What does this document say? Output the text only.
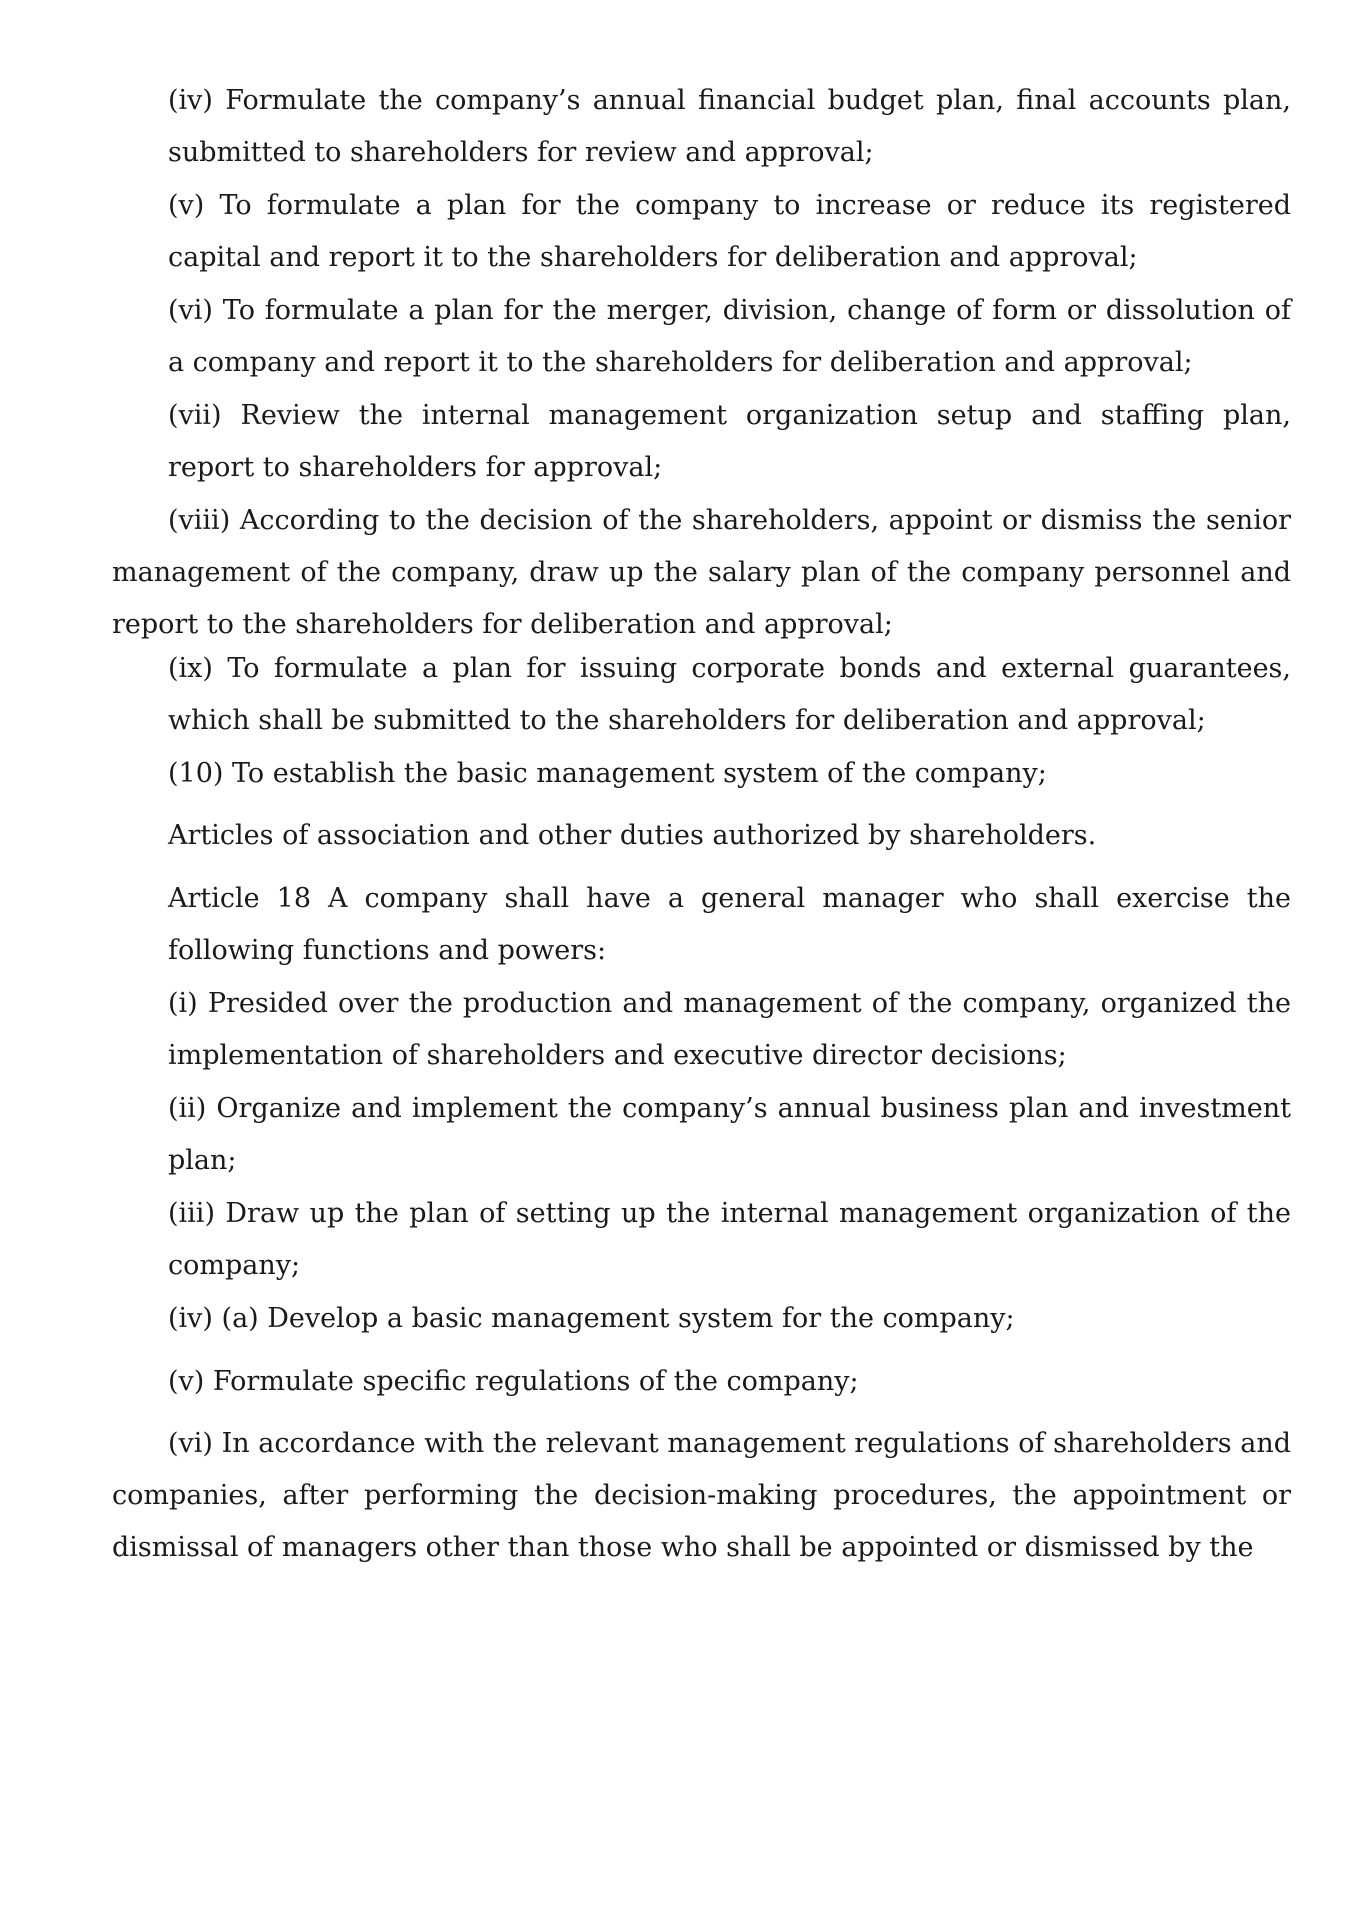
(iv) Formulate the company’s annual financial budget plan, final accounts plan, submitted to shareholders for review and approval;

(v) To formulate a plan for the company to increase or reduce its registered capital and report it to the shareholders for deliberation and approval;

(vi) To formulate a plan for the merger, division, change of form or dissolution of a company and report it to the shareholders for deliberation and approval;

(vii) Review the internal management organization setup and staffing plan, report to shareholders for approval;

(viii) According to the decision of the shareholders, appoint or dismiss the senior management of the company, draw up the salary plan of the company personnel and report to the shareholders for deliberation and approval;

(ix) To formulate a plan for issuing corporate bonds and external guarantees, which shall be submitted to the shareholders for deliberation and approval;

(10) To establish the basic management system of the company;

Articles of association and other duties authorized by shareholders.

Article 18 A company shall have a general manager who shall exercise the following functions and powers:

(i) Presided over the production and management of the company, organized the implementation of shareholders and executive director decisions;

(ii) Organize and implement the company’s annual business plan and investment plan;

(iii) Draw up the plan of setting up the internal management organization of the company;

(iv) (a) Develop a basic management system for the company;

(v) Formulate specific regulations of the company;

(vi) In accordance with the relevant management regulations of shareholders and companies, after performing the decision-making procedures, the appointment or dismissal of managers other than those who shall be appointed or dismissed by the
